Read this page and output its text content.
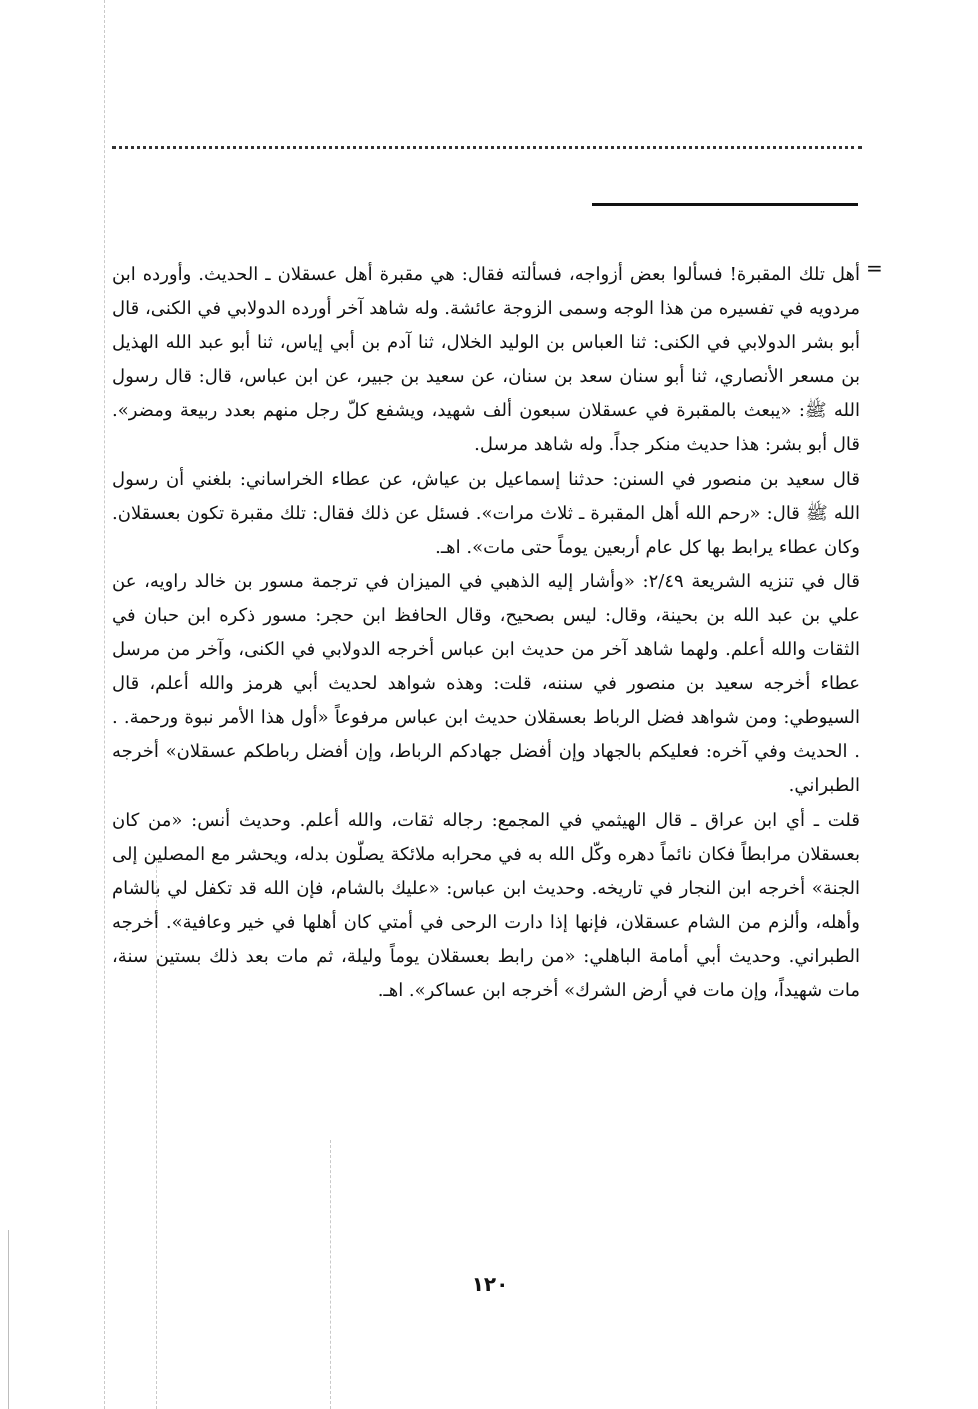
=

أهل تلك المقبرة! فسألوا بعض أزواجه، فسألته فقال: هي مقبرة أهل عسقلان ـ الحديث. وأورده ابن مردويه في تفسيره من هذا الوجه وسمى الزوجة عائشة. وله شاهد آخر أورده الدولابي في الكنى، قال أبو بشر الدولابي في الكنى: ثنا العباس بن الوليد الخلال، ثنا آدم بن أبي إياس، ثنا أبو عبد الله الهذيل بن مسعر الأنصاري، ثنا أبو سنان سعد بن سنان، عن سعيد بن جبير، عن ابن عباس، قال: قال رسول الله ﷺ: «يبعث بالمقبرة في عسقلان سبعون ألف شهيد، ويشفع كلّ رجل منهم بعدد ربيعة ومضر». قال أبو بشر: هذا حديث منكر جداً. وله شاهد مرسل.

قال سعيد بن منصور في السنن: حدثنا إسماعيل بن عياش، عن عطاء الخراساني: بلغني أن رسول الله ﷺ قال: «رحم الله أهل المقبرة ـ ثلاث مرات». فسئل عن ذلك فقال: تلك مقبرة تكون بعسقلان. وكان عطاء يرابط بها كل عام أربعين يوماً حتى مات». اهـ.

قال في تنزيه الشريعة ٢/٤٩: «وأشار إليه الذهبي في الميزان في ترجمة مسور بن خالد راويه، عن علي بن عبد الله بن بحينة، وقال: ليس بصحيح، وقال الحافظ ابن حجر: مسور ذكره ابن حبان في الثقات والله أعلم. ولهما شاهد آخر من حديث ابن عباس أخرجه الدولابي في الكنى، وآخر من مرسل عطاء أخرجه سعيد بن منصور في سننه، قلت: وهذه شواهد لحديث أبي هرمز والله أعلم، قال السيوطي: ومن شواهد فضل الرباط بعسقلان حديث ابن عباس مرفوعاً «أول هذا الأمر نبوة ورحمة. . . الحديث وفي آخره: فعليكم بالجهاد وإن أفضل جهادكم الرباط، وإن أفضل رباطكم عسقلان» أخرجه الطبراني.

قلت ـ أي ابن عراق ـ قال الهيثمي في المجمع: رجاله ثقات، والله أعلم. وحديث أنس: «من كان بعسقلان مرابطاً فكان نائماً دهره وكّل الله به في محرابه ملائكة يصلّون بدله، ويحشر مع المصلين إلى الجنة» أخرجه ابن النجار في تاريخه. وحديث ابن عباس: «عليك بالشام، فإن الله قد تكفل لي بالشام وأهله، وألزم من الشام عسقلان، فإنها إذا دارت الرحى في أمتي كان أهلها في خير وعافية». أخرجه الطبراني. وحديث أبي أمامة الباهلي: «من رابط بعسقلان يوماً وليلة، ثم مات بعد ذلك بستين سنة، مات شهيداً، وإن مات في أرض الشرك» أخرجه ابن عساكر». اهـ.

١٢٠
